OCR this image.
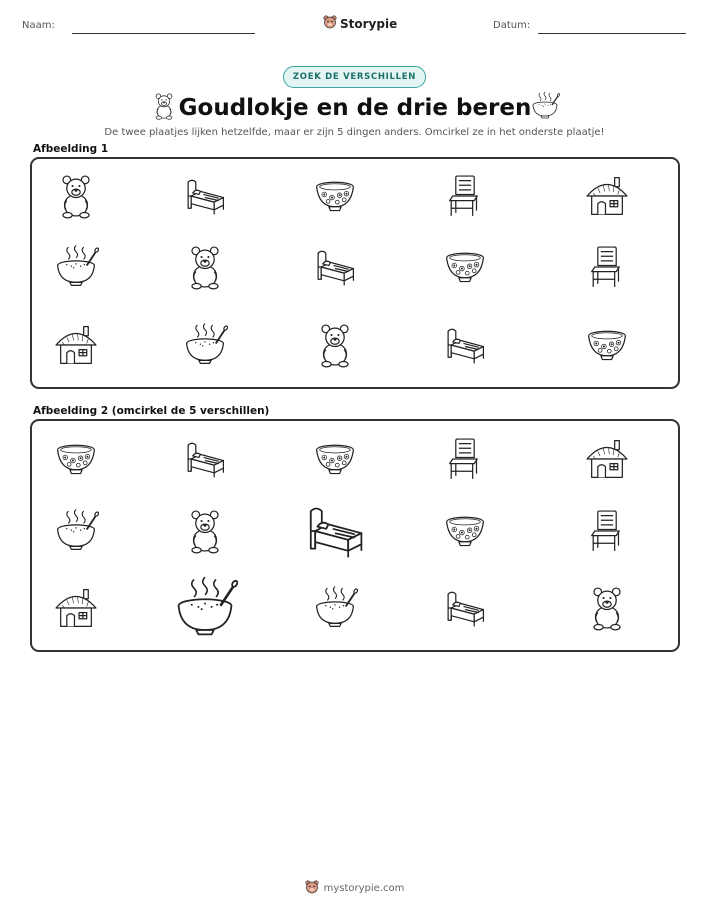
Naam:	Storypie	Datum:
ZOEK DE VERSCHILLEN
Goudlokje en de drie beren
De twee plaatjes lijken hetzelfde, maar er zijn 5 dingen anders. Omcirkel ze in het onderste plaatje!
Afbeelding 1
Afbeelding 2 (omcirkel de 5 verschillen)
mystorypie.com
